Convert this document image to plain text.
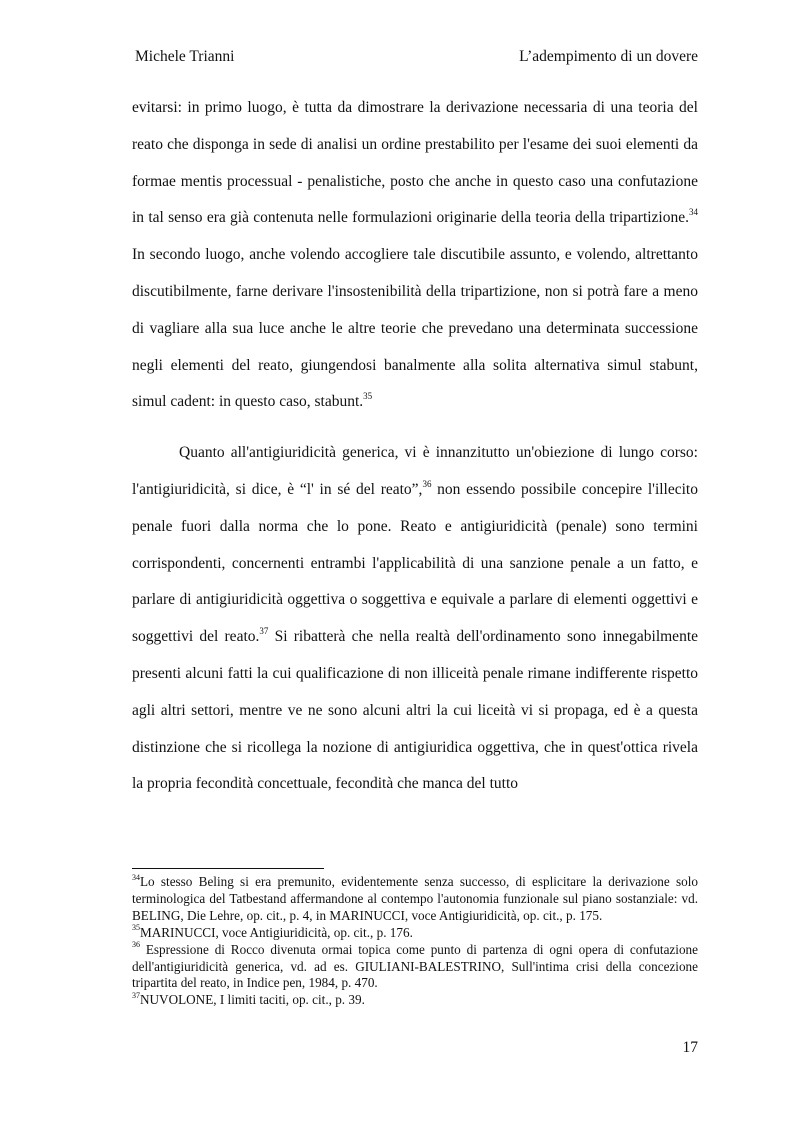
Michele Trianni	L’adempimento di un dovere

evitarsi: in primo luogo, è tutta da dimostrare la derivazione necessaria di una teoria del reato che disponga in sede di analisi un ordine prestabilito per l'esame dei suoi elementi da formae mentis processual - penalistiche, posto che anche in questo caso una confutazione in tal senso era già contenuta nelle formulazioni originarie della teoria della tripartizione.$^{34}$ In secondo luogo, anche volendo accogliere tale discutibile assunto, e volendo, altrettanto discutibilmente, farne derivare l'insostenibilità della tripartizione, non si potrà fare a meno di vagliare alla sua luce anche le altre teorie che prevedano una determinata successione negli elementi del reato, giungendosi banalmente alla solita alternativa simul stabunt, simul cadent: in questo caso, stabunt.$^{35}$

Quanto all'antigiuridicità generica, vi è innanzitutto un'obiezione di lungo corso: l'antigiuridicità, si dice, è “l' in sé del reato”,$^{36}$ non essendo possibile concepire l'illecito penale fuori dalla norma che lo pone. Reato e antigiuridicità (penale) sono termini corrispondenti, concernenti entrambi l'applicabilità di una sanzione penale a un fatto, e parlare di antigiuridicità oggettiva o soggettiva e equivale a parlare di elementi oggettivi e soggettivi del reato.$^{37}$ Si ribatterà che nella realtà dell'ordinamento sono innegabilmente presenti alcuni fatti la cui qualificazione di non illiceità penale rimane indifferente rispetto agli altri settori, mentre ve ne sono alcuni altri la cui liceità vi si propaga, ed è a questa distinzione che si ricollega la nozione di antigiuridica oggettiva, che in quest'ottica rivela la propria fecondità concettuale, fecondità che manca del tutto

$^{34}$Lo stesso Beling si era premunito, evidentemente senza successo, di esplicitare la derivazione solo terminologica del Tatbestand affermandone al contempo l'autonomia funzionale sul piano sostanziale: vd. BELING, Die Lehre, op. cit., p. 4, in MARINUCCI, voce Antigiuridicità, op. cit., p. 175.

$^{35}$MARINUCCI, voce Antigiuridicità, op. cit., p. 176.

$^{36}$ Espressione di Rocco divenuta ormai topica come punto di partenza di ogni opera di confutazione dell'antigiuridicità generica, vd. ad es. GIULIANI-BALESTRINO, Sull'intima crisi della concezione tripartita del reato, in Indice pen, 1984, p. 470.

$^{37}$NUVOLONE, I limiti taciti, op. cit., p. 39.

17
